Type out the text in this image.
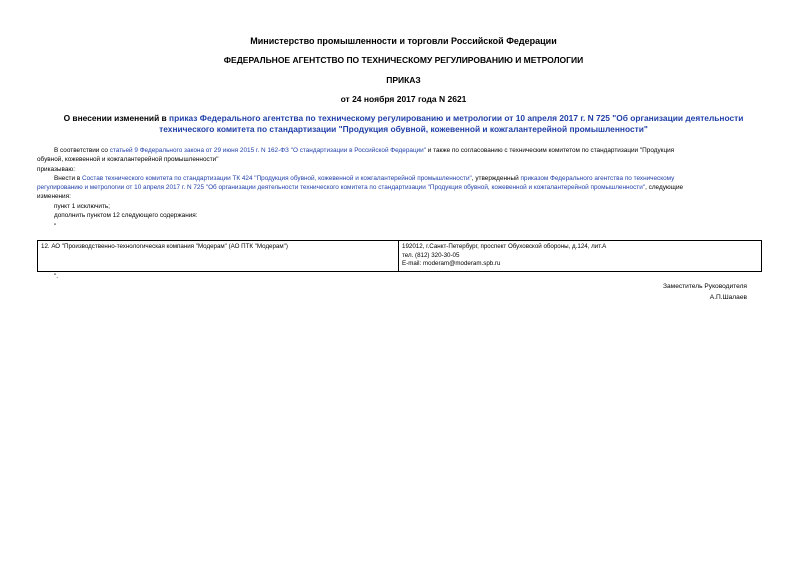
Министерство промышленности и торговли Российской Федерации
ФЕДЕРАЛЬНОЕ АГЕНТСТВО ПО ТЕХНИЧЕСКОМУ РЕГУЛИРОВАНИЮ И МЕТРОЛОГИИ
ПРИКАЗ
от 24 ноября 2017 года N 2621
О внесении изменений в приказ Федерального агентства по техническому регулированию и метрологии от 10 апреля 2017 г. N 725 "Об организации деятельности
технического комитета по стандартизации "Продукция обувной, кожевенной и кожгалантерейной промышленности"
В соответствии со статьей 9 Федерального закона от 29 июня 2015 г. N 162-ФЗ "О стандартизации в Российской Федерации" и также по согласованию с техническим комитетом по стандартизации "Продукция
обувной, кожевенной и кожгалантерейной промышленности"
приказываю:
Внести в Состав технического комитета по стандартизации ТК 424 "Продукция обувной, кожевенной и кожгалантерейной промышленности", утвержденный приказом Федерального агентства по техническому
регулированию и метрологии от 10 апреля 2017 г. N 725 "Об организации деятельности технического комитета по стандартизации "Продукция обувной, кожевенной и кожгалантерейной промышленности", следующие
изменения:
пункт 1 исключить;
дополнить пунктом 12 следующего содержания:
"
12. АО "Производственно-технологическая компания "Модерам" (АО ПТК "Модерам")	192012, г.Санкт-Петербург, проспект Обуховской обороны, д.124, лит.А
тел. (812) 320-30-05
E-mail: moderam@moderam.spb.ru
".
Заместитель Руководителя
А.П.Шалаев
